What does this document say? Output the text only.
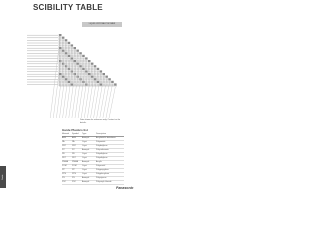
SCIBILITY TABLE
LIQUID CRYSTAL POLYMER
Data shown for reference only. Contact us for details.
Guide Plastics list
Material	Symbol	Type	Description
ABS	ABS	Amorph.	Acrylonitrile butadiene
PA	PA	Cryst.	Polyamide
PBT	PBT	Cryst.	Polybutylene
PC	PC	Amorph.	Polycarbonate
PE	PE	Cryst.	Polyethylene
PET	PET	Cryst.	Polyethylene
PMMA	PMMA	Amorph.	Acrylic
POM	POM	Cryst.	Polyacetal
PP	PP	Cryst.	Polypropylene
PPS	PPS	Cryst.	Polyphenylene
PS	PS	Amorph.	Polystyrene
PVC	PVC	Amorph.	Polyvinyl chloride
Guide
Panasonic
